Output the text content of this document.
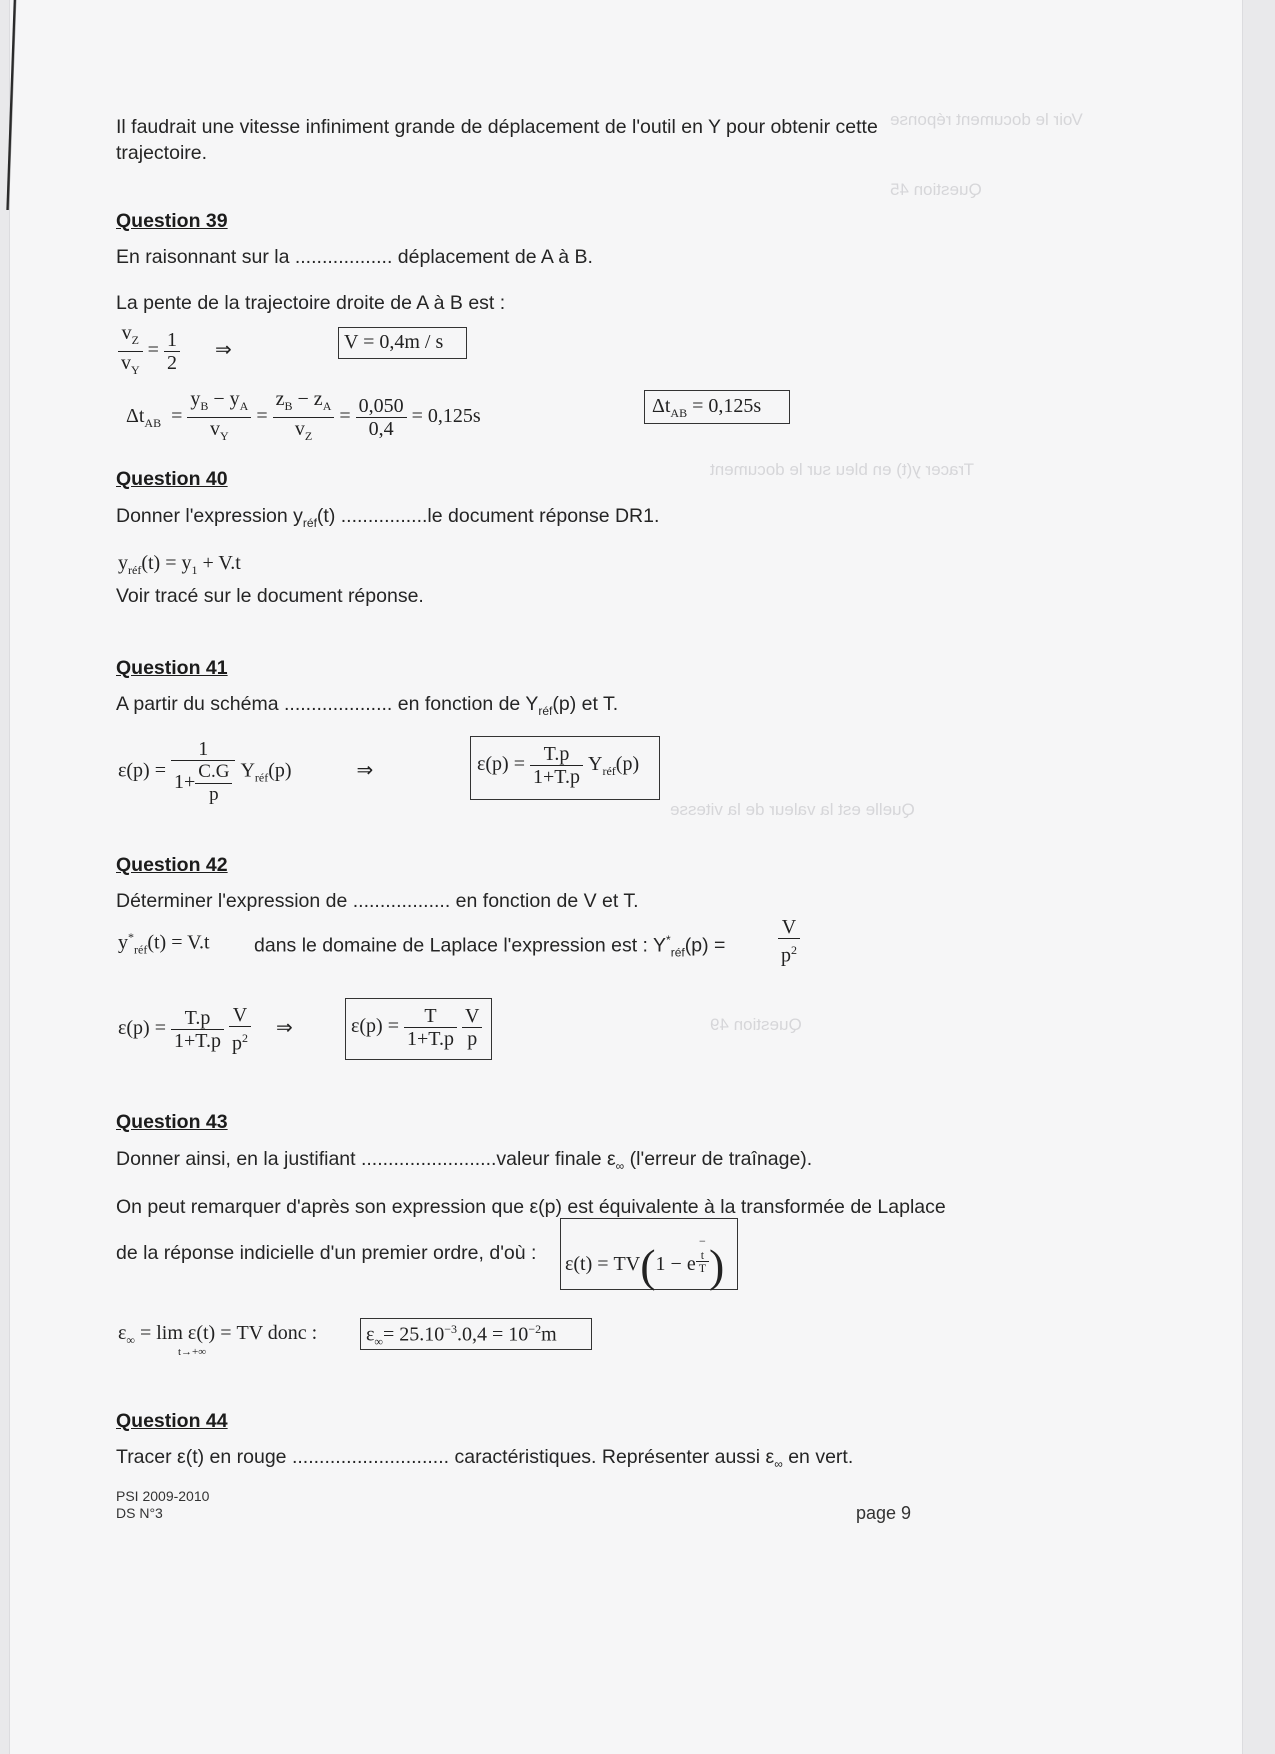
Voir le document réponse
Question 45
Tracer y(t) en bleu sur le document
Quelle est la valeur de la vitesse
Question 49
Il faudrait une vitesse infiniment grande de déplacement de l'outil en Y pour obtenir cette
trajectoire.
Question 39
En raisonnant sur la .................. déplacement de A à B.
La pente de la trajectoire droite de A à B est :
$\frac{v_Z}{v_Y} = \frac{1}{2}$ ⇒	V = 0,4m / s
$\Delta t_{AB} = \frac{y_B - y_A}{v_Y} = \frac{z_B - z_A}{v_Z} = \frac{0,050}{0,4} = 0,125s$	$\Delta t_{AB} = 0,125s$
Question 40
Donner l'expression $y_{réf}(t)$ ................le document réponse DR1.
$y_{réf}(t) = y_1 + V.t$
Voir tracé sur le document réponse.
Question 41
A partir du schéma .................... en fonction de $Y_{réf}(p)$ et T.
$\varepsilon(p) = \frac{1}{1+ \frac{C.G}{p}} Y_{réf}(p)$             ⇒	$\varepsilon(p) = \frac{T.p}{1+T.p} Y_{réf}(p)$
Question 42
Déterminer l'expression de .................. en fonction de V et T.
$y^*_{réf}(t) = V.t$ dans le domaine de Laplace l'expression est : $Y^*_{réf}(p)$ =	$\frac{V}{p^2}$
$\varepsilon(p) = \frac{T.p}{1+T.p}$
$\frac{V}{p^2}$ ⇒	$\varepsilon(p) = \frac{T}{1+T.p}$
$\frac{V}{p}$
Question 43
Donner ainsi, en la justifiant .........................valeur finale $\varepsilon_\infty$ (l'erreur de traînage).
On peut remarquer d'après son expression que ε(p) est équivalente à la transformée de Laplace
de la réponse indicielle d'un premier ordre, d'où :
$\varepsilon(t) = TV(1 - e^{- t T}$ )
$\varepsilon_\infty = \lim \varepsilon(t)$ = TV donc :
t→+∞
$\varepsilon_\infty= 25.10^{-3}.0,4 = 10^{-2}m$
Question 44
Tracer ε(t) en rouge ............................. caractéristiques. Représenter aussi $\varepsilon_\infty$ en vert.
PSI 2009-2010
DS N°3	page 9
